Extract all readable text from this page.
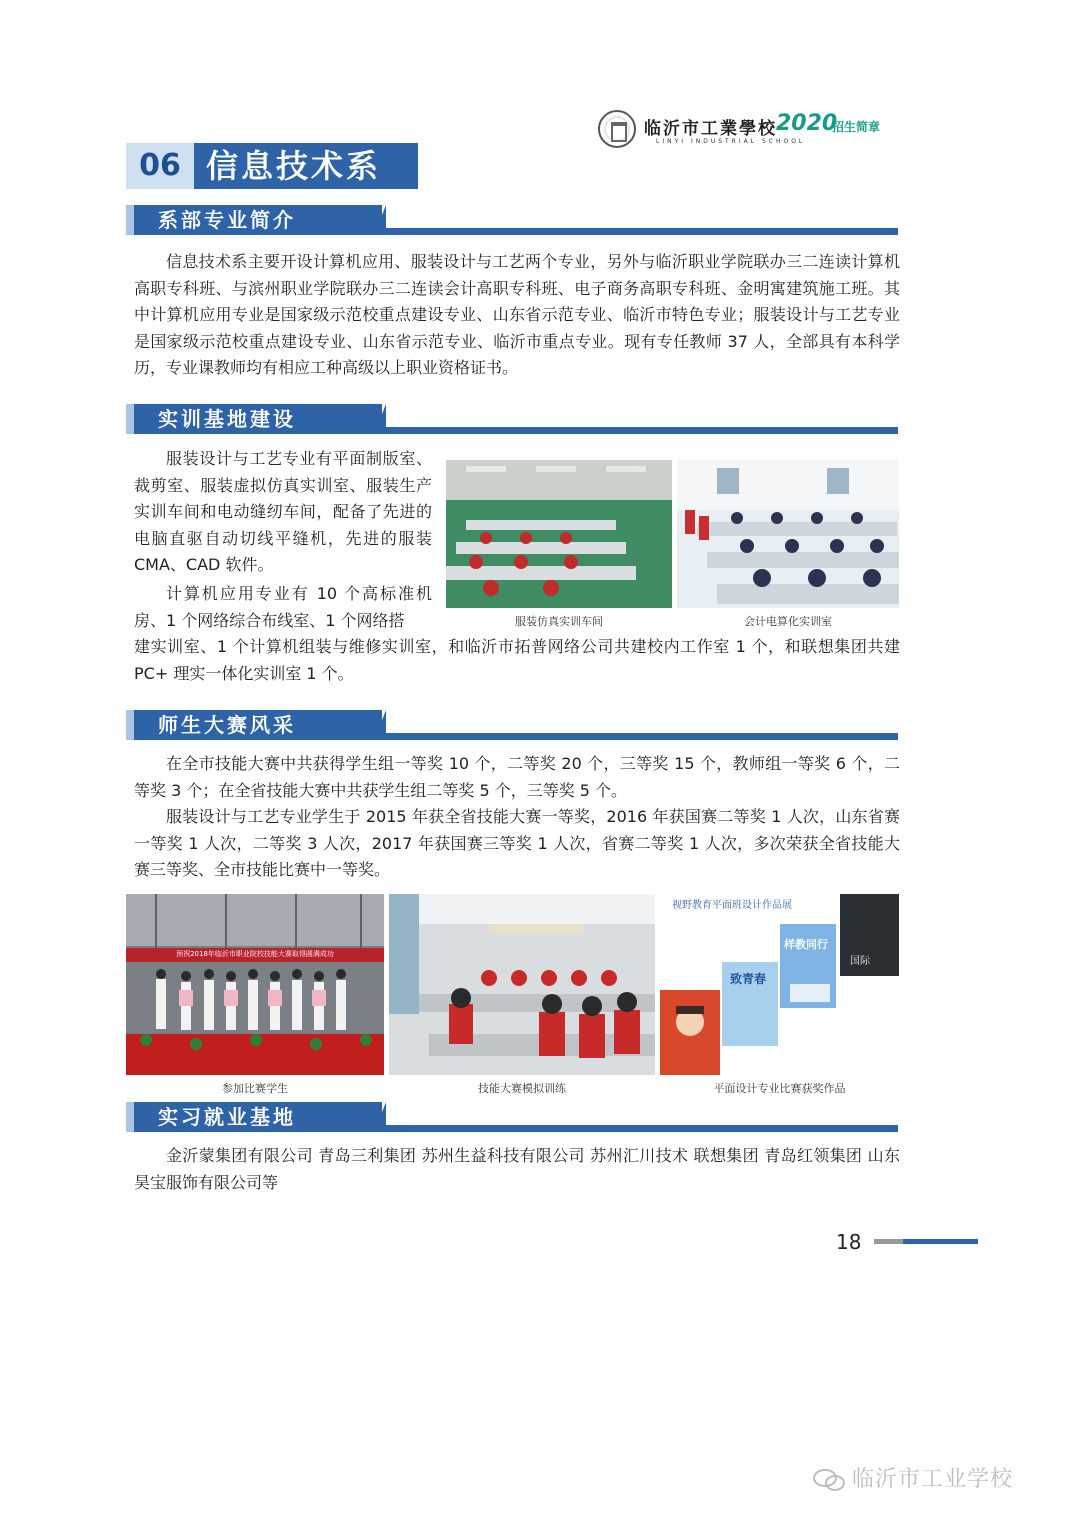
临沂市工業學校
LINYI INDUSTRIAL SCHOOL
2020
招生简章
06 信息技术系
系部专业简介
信息技术系主要开设计算机应用、服装设计与工艺两个专业，另外与临沂职业学院联办三二连读计算机高职专科班、与滨州职业学院联办三二连读会计高职专科班、电子商务高职专科班、金明寓建筑施工班。其中计算机应用专业是国家级示范校重点建设专业、山东省示范专业、临沂市特色专业；服装设计与工艺专业是国家级示范校重点建设专业、山东省示范专业、临沂市重点专业。现有专任教师 37 人，全部具有本科学历，专业课教师均有相应工种高级以上职业资格证书。
实训基地建设
服装设计与工艺专业有平面制版室、裁剪室、服装虚拟仿真实训室、服装生产实训车间和电动缝纫车间，配备了先进的电脑直驱自动切线平缝机，先进的服装 CMA、CAD 软件。
计算机应用专业有 10 个高标准机房、1 个网络综合布线室、1 个网络搭
建实训室、1 个计算机组装与维修实训室，和临沂市拓普网络公司共建校内工作室 1 个，和联想集团共建 PC+ 理实一体化实训室 1 个。
服装仿真实训车间	会计电算化实训室
师生大赛风采
在全市技能大赛中共获得学生组一等奖 10 个，二等奖 20 个，三等奖 15 个，教师组一等奖 6 个，二等奖 3 个；在全省技能大赛中共获学生组二等奖 5 个，三等奖 5 个。
服装设计与工艺专业学生于 2015 年获全省技能大赛一等奖，2016 年获国赛二等奖 1 人次，山东省赛一等奖 1 人次，二等奖 3 人次，2017 年获国赛三等奖 1 人次，省赛二等奖 1 人次，多次荣获全省技能大赛三等奖、全市技能比赛中一等奖。
预祝2018年临沂市职业院校技能大赛取得圆满成功
参加比赛学生	技能大赛模拟训练
视野教育平面班设计作品展
致青春
样教同行
国际
平面设计专业比赛获奖作品
实习就业基地
金沂蒙集团有限公司 青岛三利集团 苏州生益科技有限公司 苏州汇川技术 联想集团 青岛红领集团 山东昊宝服饰有限公司等
18
临沂市工业学校
